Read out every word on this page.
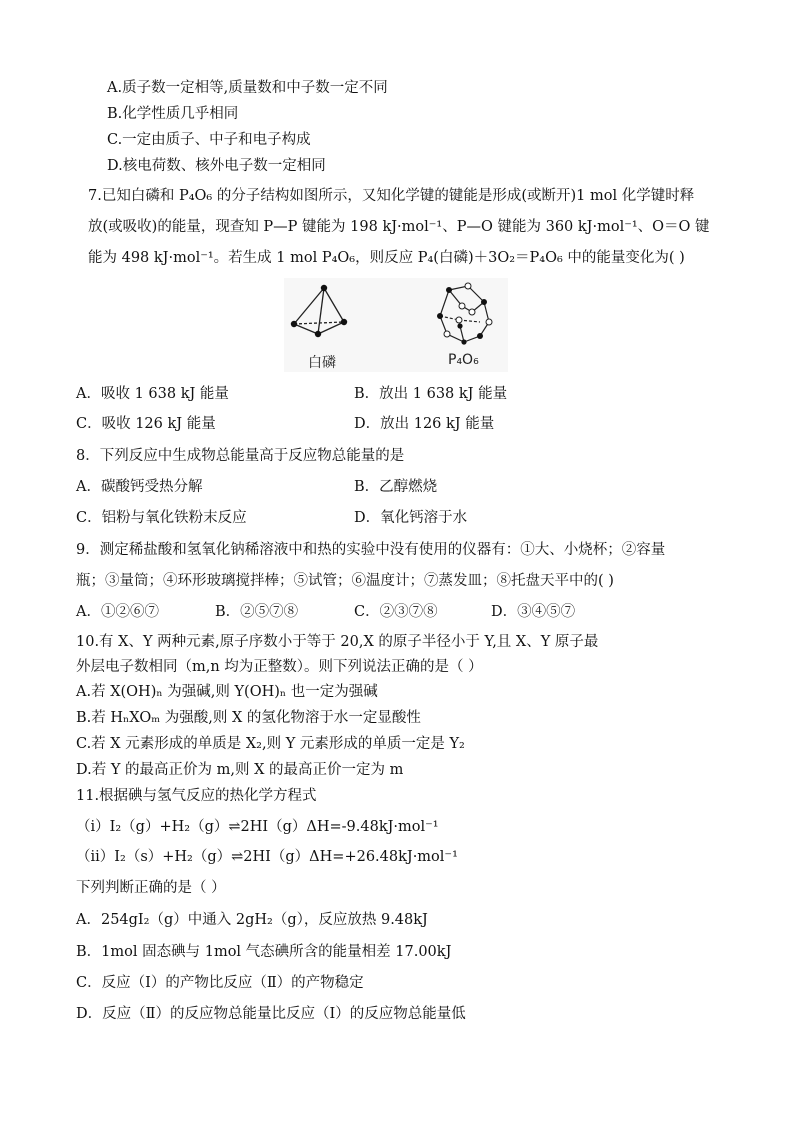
A.质子数一定相等,质量数和中子数一定不同
B.化学性质几乎相同
C.一定由质子、中子和电子构成
D.核电荷数、核外电子数一定相同
7.已知白磷和 P₄O₆ 的分子结构如图所示，又知化学键的键能是形成(或断开)1 mol 化学键时释
放(或吸收)的能量，现查知 P—P 键能为 198 kJ·mol⁻¹、P—O 键能为 360 kJ·mol⁻¹、O＝O 键
能为 498 kJ·mol⁻¹。若生成 1 mol P₄O₆，则反应 P₄(白磷)＋3O₂＝P₄O₆ 中的能量变化为( )
白磷	P₄O₆
A．吸收 1 638 kJ 能量	B．放出 1 638 kJ 能量
C．吸收 126 kJ 能量	D．放出 126 kJ 能量
8．下列反应中生成物总能量高于反应物总能量的是
A．碳酸钙受热分解	B．乙醇燃烧
C．铝粉与氧化铁粉末反应	D．氧化钙溶于水
9．测定稀盐酸和氢氧化钠稀溶液中和热的实验中没有使用的仪器有：①大、小烧杯；②容量
瓶；③量筒；④环形玻璃搅拌棒；⑤试管；⑥温度计；⑦蒸发皿；⑧托盘天平中的( )
A．①②⑥⑦	B．②⑤⑦⑧	C．②③⑦⑧	D．③④⑤⑦
10.有 X、Y 两种元素,原子序数小于等于 20,X 的原子半径小于 Y,且 X、Y 原子最
外层电子数相同（m,n 均为正整数）。则下列说法正确的是（ ）
A.若 X(OH)ₙ 为强碱,则 Y(OH)ₙ 也一定为强碱
B.若 HₙXOₘ 为强酸,则 X 的氢化物溶于水一定显酸性
C.若 X 元素形成的单质是 X₂,则 Y 元素形成的单质一定是 Y₂
D.若 Y 的最高正价为 m,则 X 的最高正价一定为 m
11.根据碘与氢气反应的热化学方程式
（i）I₂（g）+H₂（g）⇌2HI（g）ΔH=-9.48kJ·mol⁻¹
（ii）I₂（s）+H₂（g）⇌2HI（g）ΔH=+26.48kJ·mol⁻¹
下列判断正确的是（ ）
A．254gI₂（g）中通入 2gH₂（g），反应放热 9.48kJ
B．1mol 固态碘与 1mol 气态碘所含的能量相差 17.00kJ
C．反应（Ⅰ）的产物比反应（Ⅱ）的产物稳定
D．反应（Ⅱ）的反应物总能量比反应（Ⅰ）的反应物总能量低
